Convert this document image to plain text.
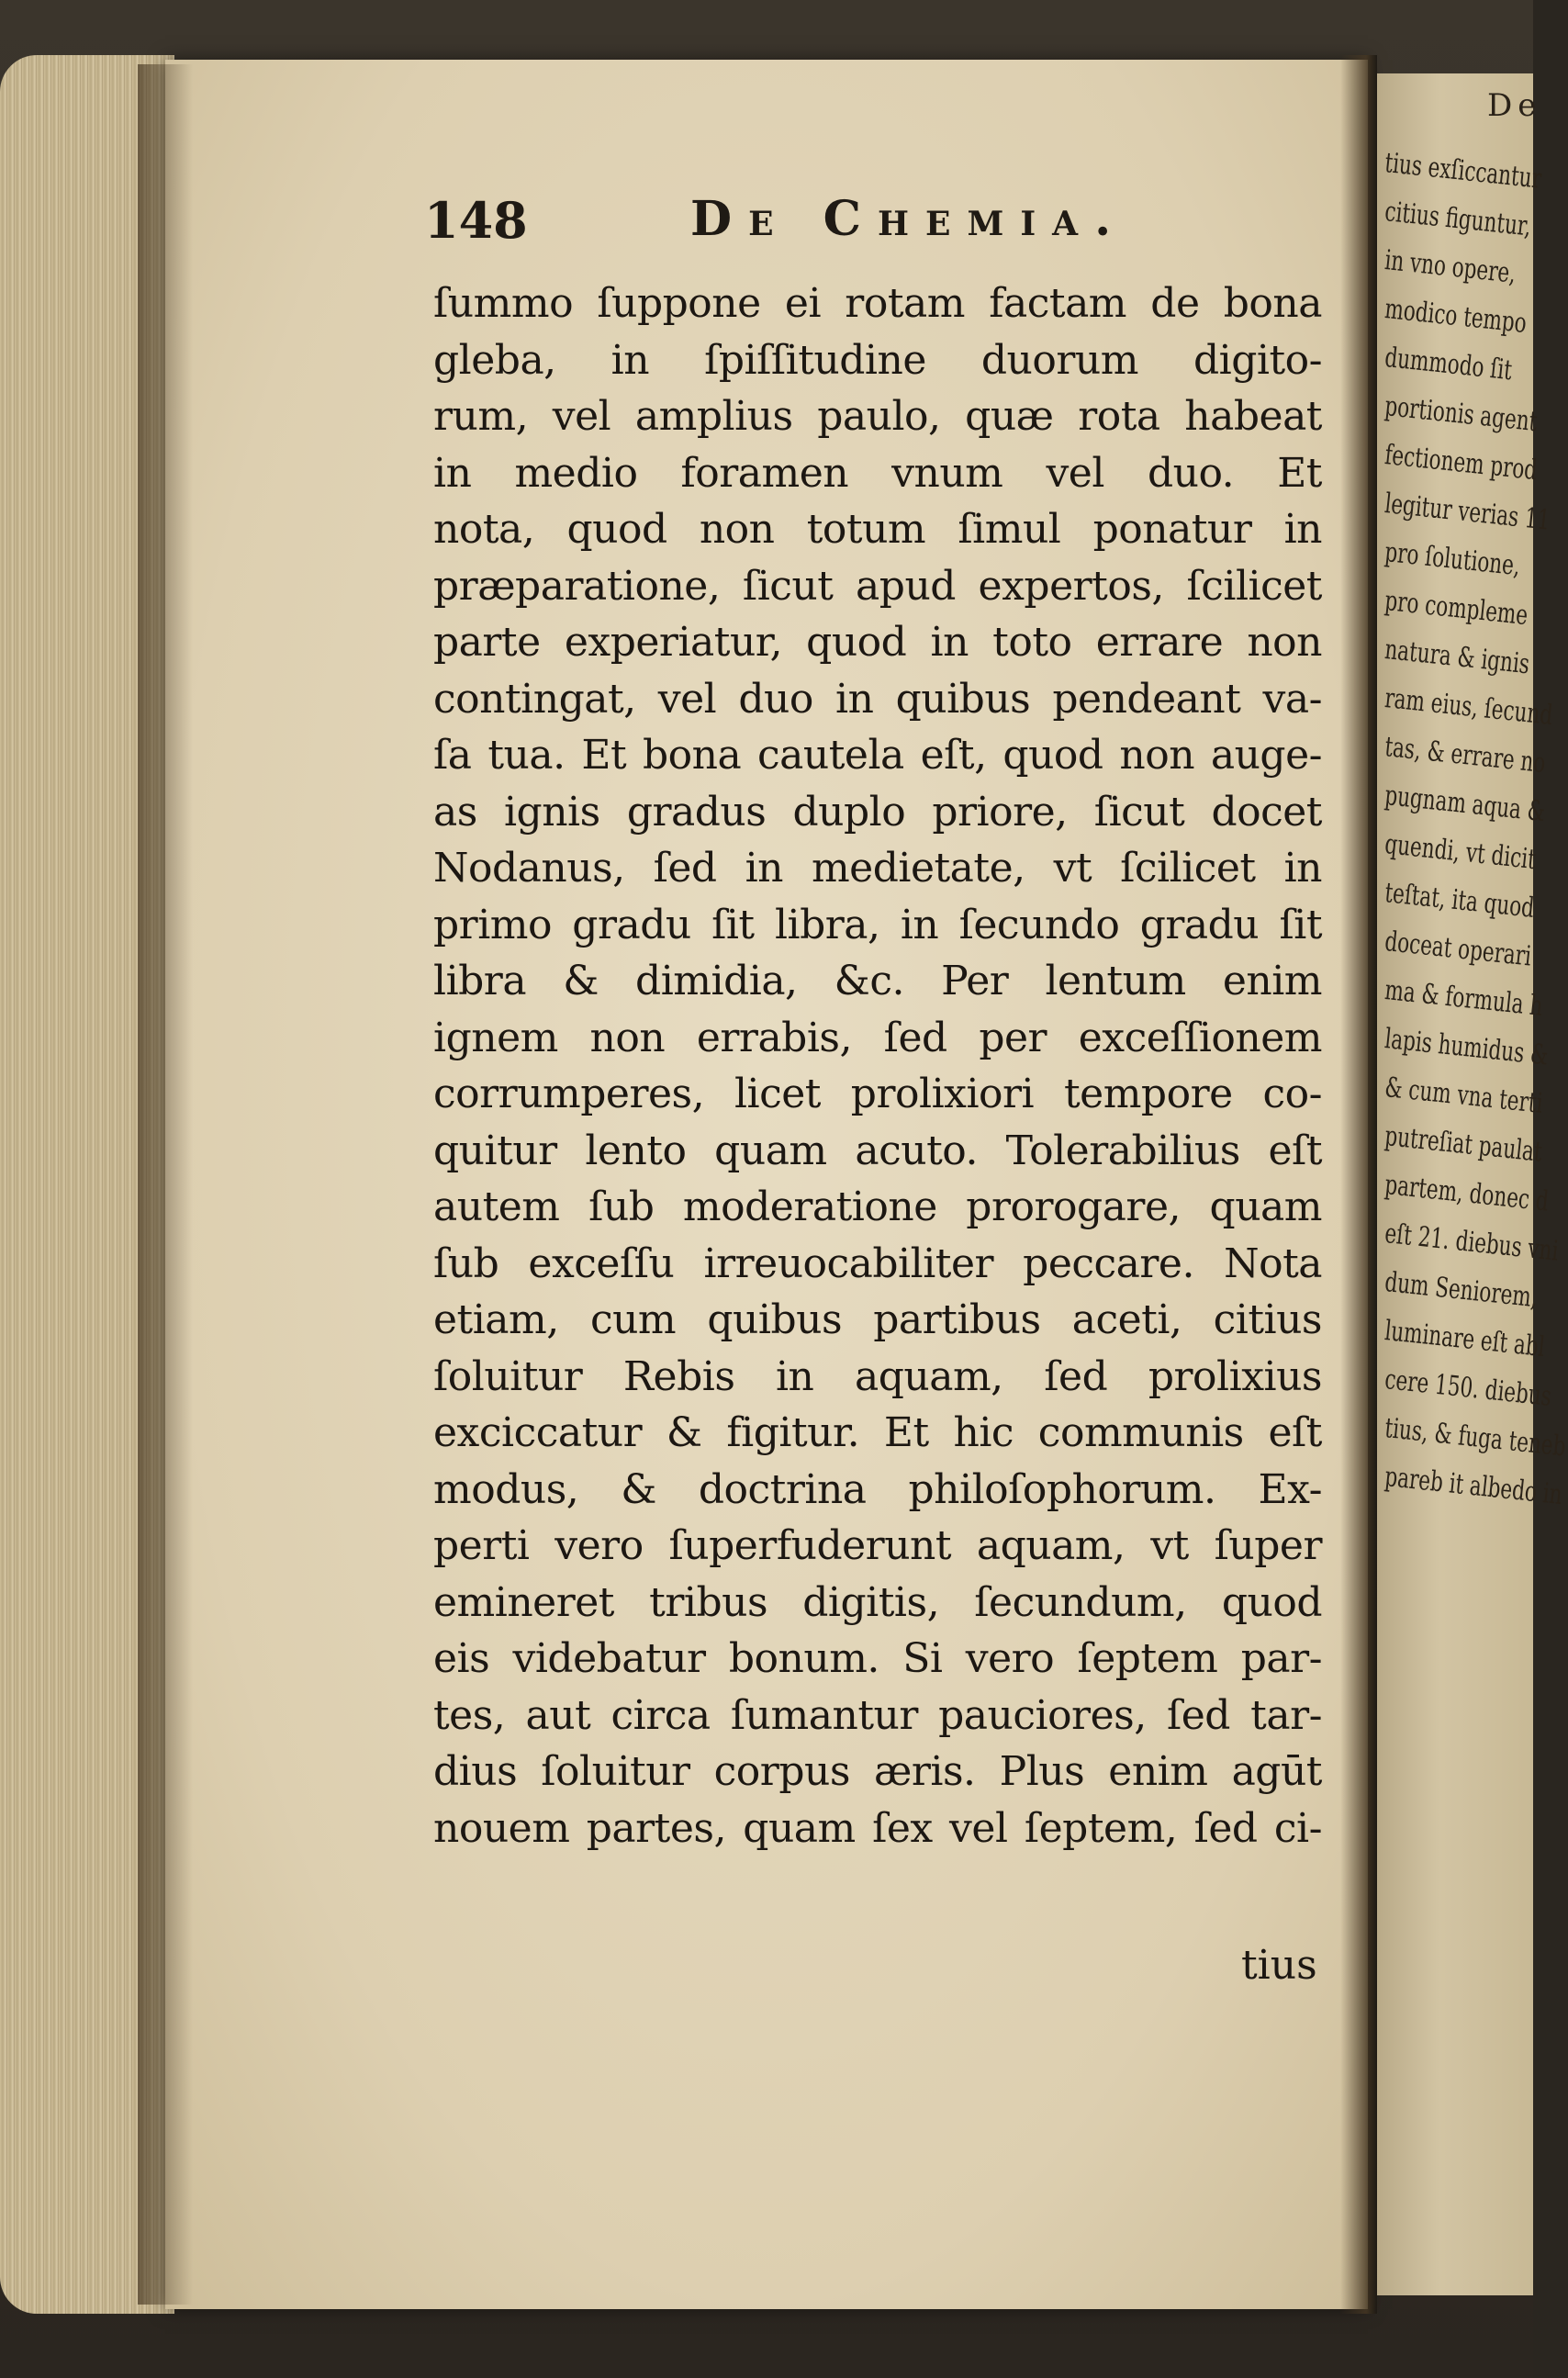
De
tius exſiccantur
citius figuntur,
in vno opere,
modico tempo
dummodo ſit
portionis agent
fectionem prod
legitur verias 11
pro ſolutione,
pro compleme
natura & ignis
ram eius, ſecund
tas, & errare no
pugnam aqua &
quendi, vt dicit
teſtat, ita quod
doceat operari
ma & formula h
lapis humidus &
& cum vna terti
putreſiat paulat
partem, donec d
eſt 21. diebus vni
dum Seniorem,
luminare eſt abl
cere 150. diebus
tius, & fuga teneb
pareb it albedo in
148	De Chemia.
ſummo ſuppone ei rotam factam de bona
gleba, in ſpiſſitudine duorum digito-
rum, vel amplius paulo, quæ rota habeat
in medio foramen vnum vel duo. Et
nota, quod non totum ſimul ponatur in
præparatione, ſicut apud expertos, ſcilicet
parte experiatur, quod in toto errare non
contingat, vel duo in quibus pendeant va-
ſa tua. Et bona cautela eſt, quod non auge-
as ignis gradus duplo priore, ſicut docet
Nodanus, ſed in medietate, vt ſcilicet in
primo gradu ſit libra, in ſecundo gradu ſit
libra & dimidia, &c. Per lentum enim
ignem non errabis, ſed per exceſſionem
corrumperes, licet prolixiori tempore co-
quitur lento quam acuto. Tolerabilius eſt
autem ſub moderatione prorogare, quam
ſub exceſſu irreuocabiliter peccare. Nota
etiam, cum quibus partibus aceti, citius
ſoluitur Rebis in aquam, ſed prolixius
exciccatur & figitur. Et hic communis eſt
modus, & doctrina philoſophorum. Ex-
perti vero ſuperfuderunt aquam, vt ſuper
emineret tribus digitis, ſecundum, quod
eis videbatur bonum. Si vero ſeptem par-
tes, aut circa ſumantur pauciores, ſed tar-
dius ſoluitur corpus æris. Plus enim agūt
nouem partes, quam ſex vel ſeptem, ſed ci-
tius
